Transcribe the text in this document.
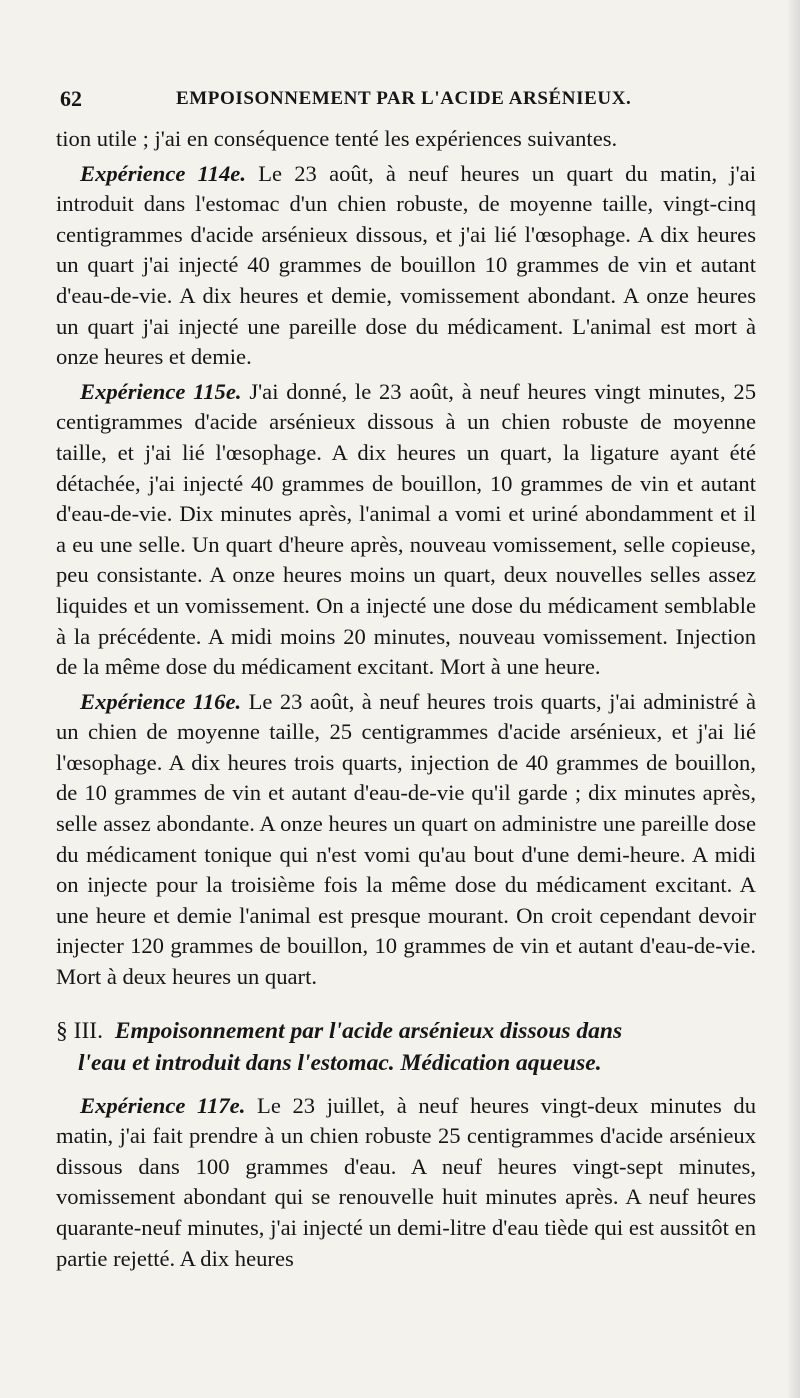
62	EMPOISONNEMENT PAR L'ACIDE ARSÉNIEUX.

tion utile ; j'ai en conséquence tenté les expériences suivantes.

Expérience 114e. Le 23 août, à neuf heures un quart du matin, j'ai introduit dans l'estomac d'un chien robuste, de moyenne taille, vingt-cinq centigrammes d'acide arsénieux dissous, et j'ai lié l'œsophage. A dix heures un quart j'ai injecté 40 grammes de bouillon 10 grammes de vin et autant d'eau-de-vie. A dix heures et demie, vomissement abondant. A onze heures un quart j'ai injecté une pareille dose du médicament. L'animal est mort à onze heures et demie.

Expérience 115e. J'ai donné, le 23 août, à neuf heures vingt minutes, 25 centigrammes d'acide arsénieux dissous à un chien robuste de moyenne taille, et j'ai lié l'œsophage. A dix heures un quart, la ligature ayant été détachée, j'ai injecté 40 grammes de bouillon, 10 grammes de vin et autant d'eau-de-vie. Dix minutes après, l'animal a vomi et uriné abondamment et il a eu une selle. Un quart d'heure après, nouveau vomissement, selle copieuse, peu consistante. A onze heures moins un quart, deux nouvelles selles assez liquides et un vomissement. On a injecté une dose du médicament semblable à la précédente. A midi moins 20 minutes, nouveau vomissement. Injection de la même dose du médicament excitant. Mort à une heure.

Expérience 116e. Le 23 août, à neuf heures trois quarts, j'ai administré à un chien de moyenne taille, 25 centigrammes d'acide arsénieux, et j'ai lié l'œsophage. A dix heures trois quarts, injection de 40 grammes de bouillon, de 10 grammes de vin et autant d'eau-de-vie qu'il garde ; dix minutes après, selle assez abondante. A onze heures un quart on administre une pareille dose du médicament tonique qui n'est vomi qu'au bout d'une demi-heure. A midi on injecte pour la troisième fois la même dose du médicament excitant. A une heure et demie l'animal est presque mourant. On croit cependant devoir injecter 120 grammes de bouillon, 10 grammes de vin et autant d'eau-de-vie. Mort à deux heures un quart.

§ III. Empoisonnement par l'acide arsénieux dissous dans
l'eau et introduit dans l'estomac. Médication aqueuse.

Expérience 117e. Le 23 juillet, à neuf heures vingt-deux minutes du matin, j'ai fait prendre à un chien robuste 25 centigrammes d'acide arsénieux dissous dans 100 grammes d'eau. A neuf heures vingt-sept minutes, vomissement abondant qui se renouvelle huit minutes après. A neuf heures quarante-neuf minutes, j'ai injecté un demi-litre d'eau tiède qui est aussitôt en partie rejetté. A dix heures
